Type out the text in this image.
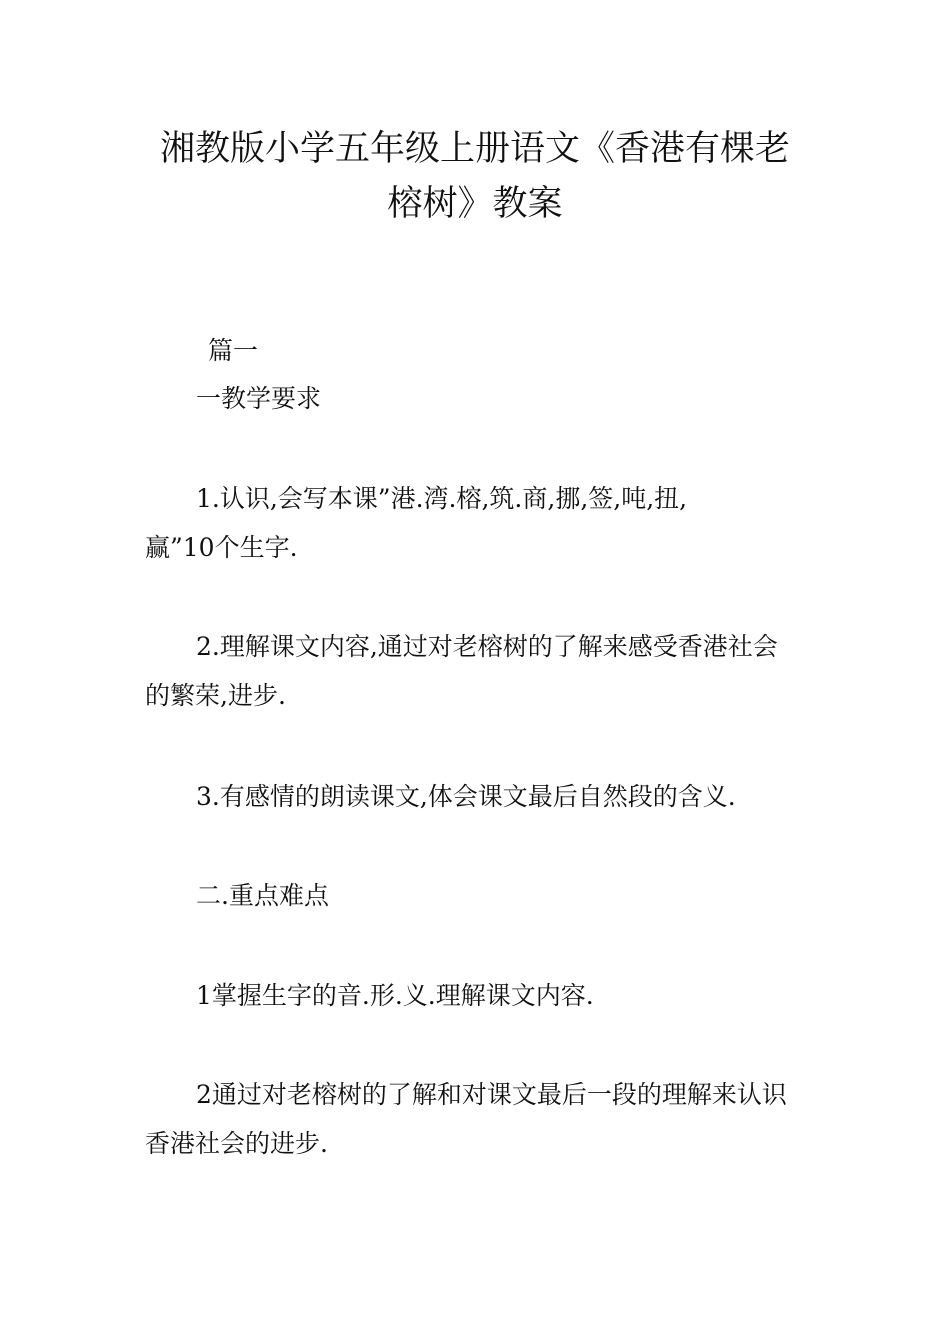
湘教版小学五年级上册语文《香港有棵老
榕树》教案
篇一
一教学要求
1.认识,会写本课”港.湾.榕,筑.商,挪,签,吨,扭,
赢”10个生字.
2.理解课文内容,通过对老榕树的了解来感受香港社会
的繁荣,进步.
3.有感情的朗读课文,体会课文最后自然段的含义.
二.重点难点
1掌握生字的音.形.义.理解课文内容.
2通过对老榕树的了解和对课文最后一段的理解来认识
香港社会的进步.
